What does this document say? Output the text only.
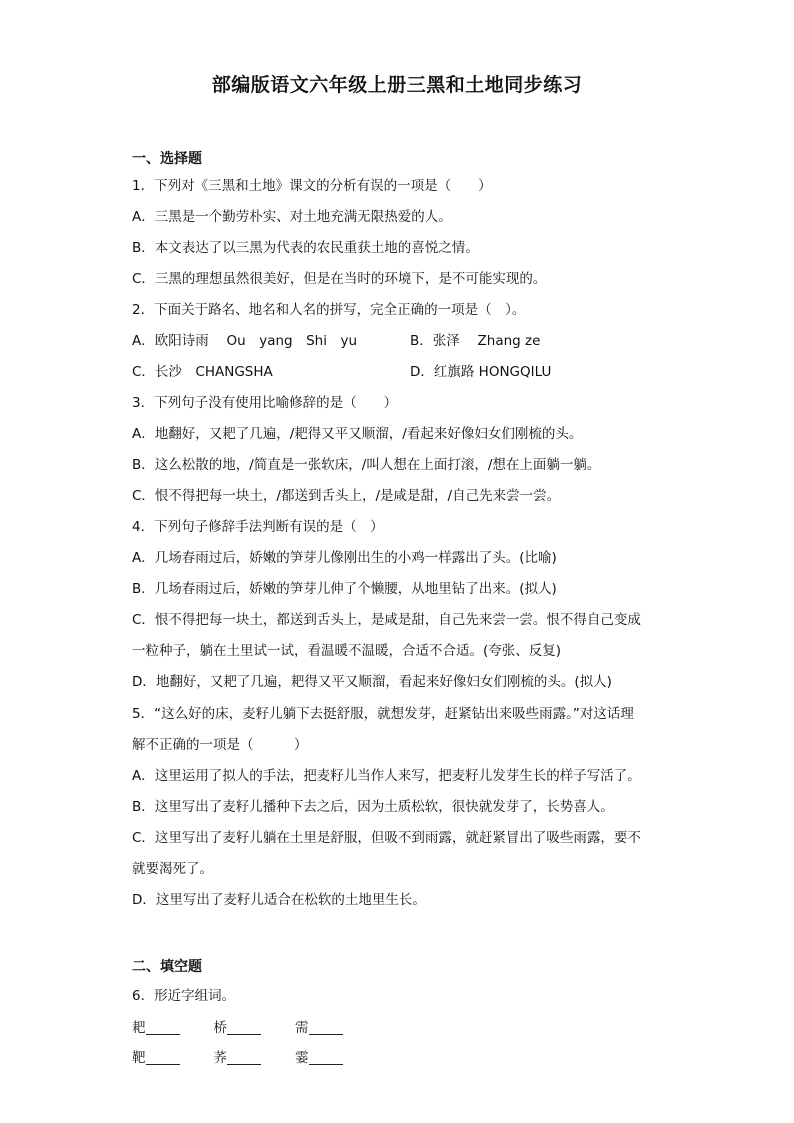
部编版语文六年级上册三黑和土地同步练习
一、选择题
1．下列对《三黑和土地》课文的分析有误的一项是（　　）
A．三黑是一个勤劳朴实、对土地充满无限热爱的人。
B．本文表达了以三黑为代表的农民重获土地的喜悦之情。
C．三黑的理想虽然很美好，但是在当时的环境下，是不可能实现的。
2．下面关于路名、地名和人名的拼写，完全正确的一项是（　）。
A．欧阳诗雨　 Ou　yang　Shi　yu	B．张泽　 Zhang ze
C．长沙　CHANGSHA	D．红旗路 HONGQILU
3．下列句子没有使用比喻修辞的是（　　）
A．地翻好，又耙了几遍，/耙得又平又顺溜，/看起来好像妇女们刚梳的头。
B．这么松散的地，/简直是一张软床，/叫人想在上面打滚，/想在上面躺一躺。
C．恨不得把每一块土，/都送到舌头上，/是咸是甜，/自己先来尝一尝。
4．下列句子修辞手法判断有误的是（　）
A．几场春雨过后，娇嫩的笋芽儿像刚出生的小鸡一样露出了头。(比喻)
B．几场春雨过后，娇嫩的笋芽儿伸了个懒腰，从地里钻了出来。(拟人)
C．恨不得把每一块土，都送到舌头上，是咸是甜，自己先来尝一尝。恨不得自己变成
一粒种子，躺在土里试一试，看温暖不温暖，合适不合适。(夸张、反复)
D．地翻好，又耙了几遍，耙得又平又顺溜，看起来好像妇女们刚梳的头。(拟人)
5．“这么好的床，麦籽儿躺下去挺舒服，就想发芽，赶紧钻出来吸些雨露。”对这话理
解不正确的一项是（　　　）
A．这里运用了拟人的手法，把麦籽儿当作人来写，把麦籽儿发芽生长的样子写活了。
B．这里写出了麦籽儿播种下去之后，因为土质松软，很快就发芽了，长势喜人。
C．这里写出了麦籽儿躺在土里是舒服，但吸不到雨露，就赶紧冒出了吸些雨露，要不
就要渴死了。
D．这里写出了麦籽儿适合在松软的土地里生长。
二、填空题
6．形近字组词。
耙	桥	需
靶	荞	霎
